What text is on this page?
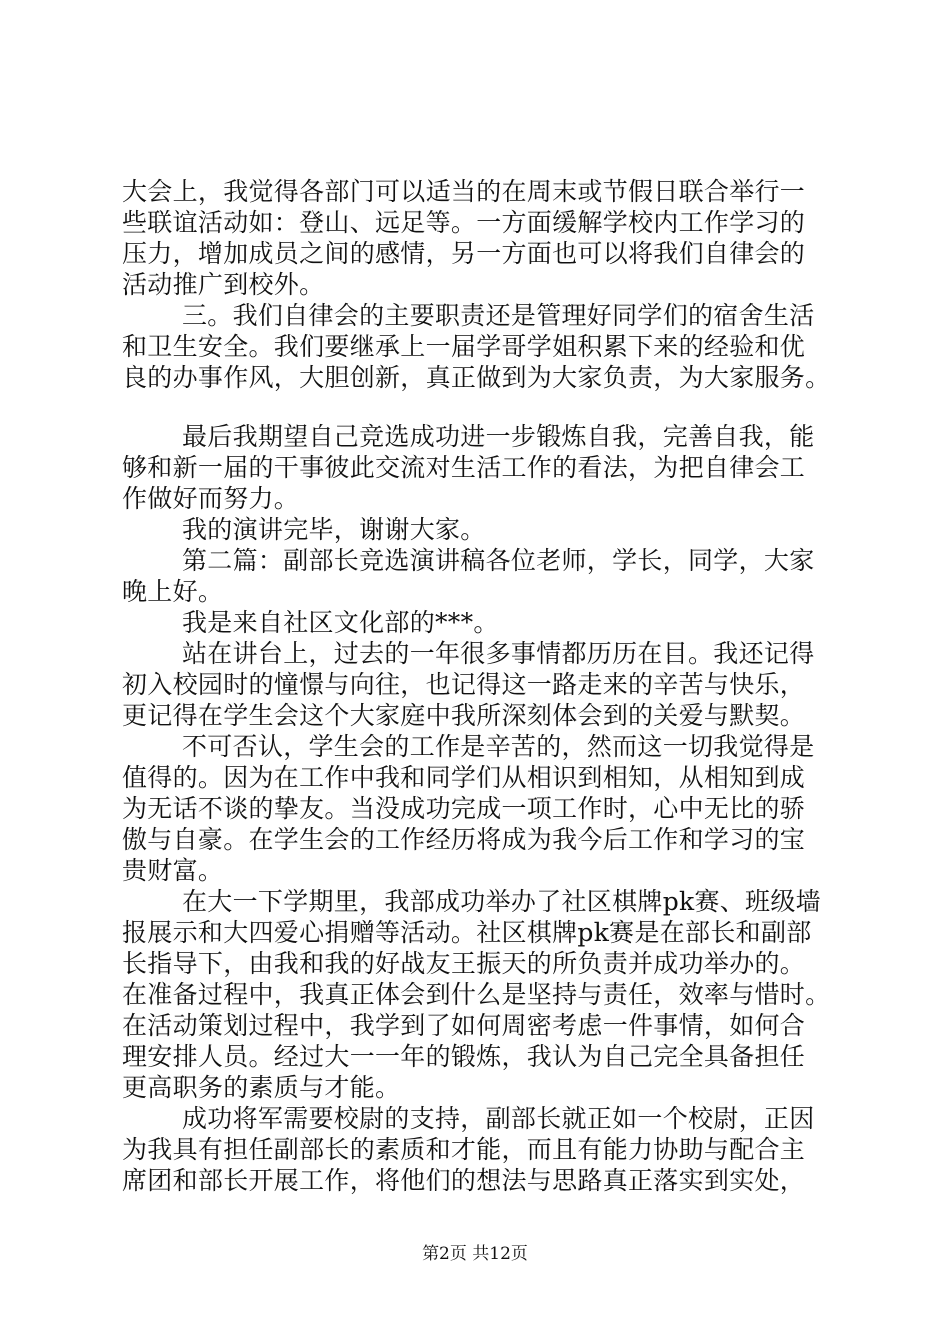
大会上，我觉得各部门可以适当的在周末或节假日联合举行一
些联谊活动如：登山、远足等。一方面缓解学校内工作学习的
压力，增加成员之间的感情，另一方面也可以将我们自律会的
活动推广到校外。
三。我们自律会的主要职责还是管理好同学们的宿舍生活
和卫生安全。我们要继承上一届学哥学姐积累下来的经验和优
良的办事作风，大胆创新，真正做到为大家负责，为大家服务。
最后我期望自己竞选成功进一步锻炼自我，完善自我，能
够和新一届的干事彼此交流对生活工作的看法，为把自律会工
作做好而努力。
我的演讲完毕，谢谢大家。
第二篇：副部长竞选演讲稿各位老师，学长，同学，大家
晚上好。
我是来自社区文化部的***。
站在讲台上，过去的一年很多事情都历历在目。我还记得
初入校园时的憧憬与向往，也记得这一路走来的辛苦与快乐，
更记得在学生会这个大家庭中我所深刻体会到的关爱与默契。
不可否认，学生会的工作是辛苦的，然而这一切我觉得是
值得的。因为在工作中我和同学们从相识到相知，从相知到成
为无话不谈的挚友。当没成功完成一项工作时，心中无比的骄
傲与自豪。在学生会的工作经历将成为我今后工作和学习的宝
贵财富。
在大一下学期里，我部成功举办了社区棋牌pk赛、班级墙
报展示和大四爱心捐赠等活动。社区棋牌pk赛是在部长和副部
长指导下，由我和我的好战友王振天的所负责并成功举办的。
在准备过程中，我真正体会到什么是坚持与责任，效率与惜时。
在活动策划过程中，我学到了如何周密考虑一件事情，如何合
理安排人员。经过大一一年的锻炼，我认为自己完全具备担任
更高职务的素质与才能。
成功将军需要校尉的支持，副部长就正如一个校尉，正因
为我具有担任副部长的素质和才能，而且有能力协助与配合主
席团和部长开展工作，将他们的想法与思路真正落实到实处，
第2页 共12页
